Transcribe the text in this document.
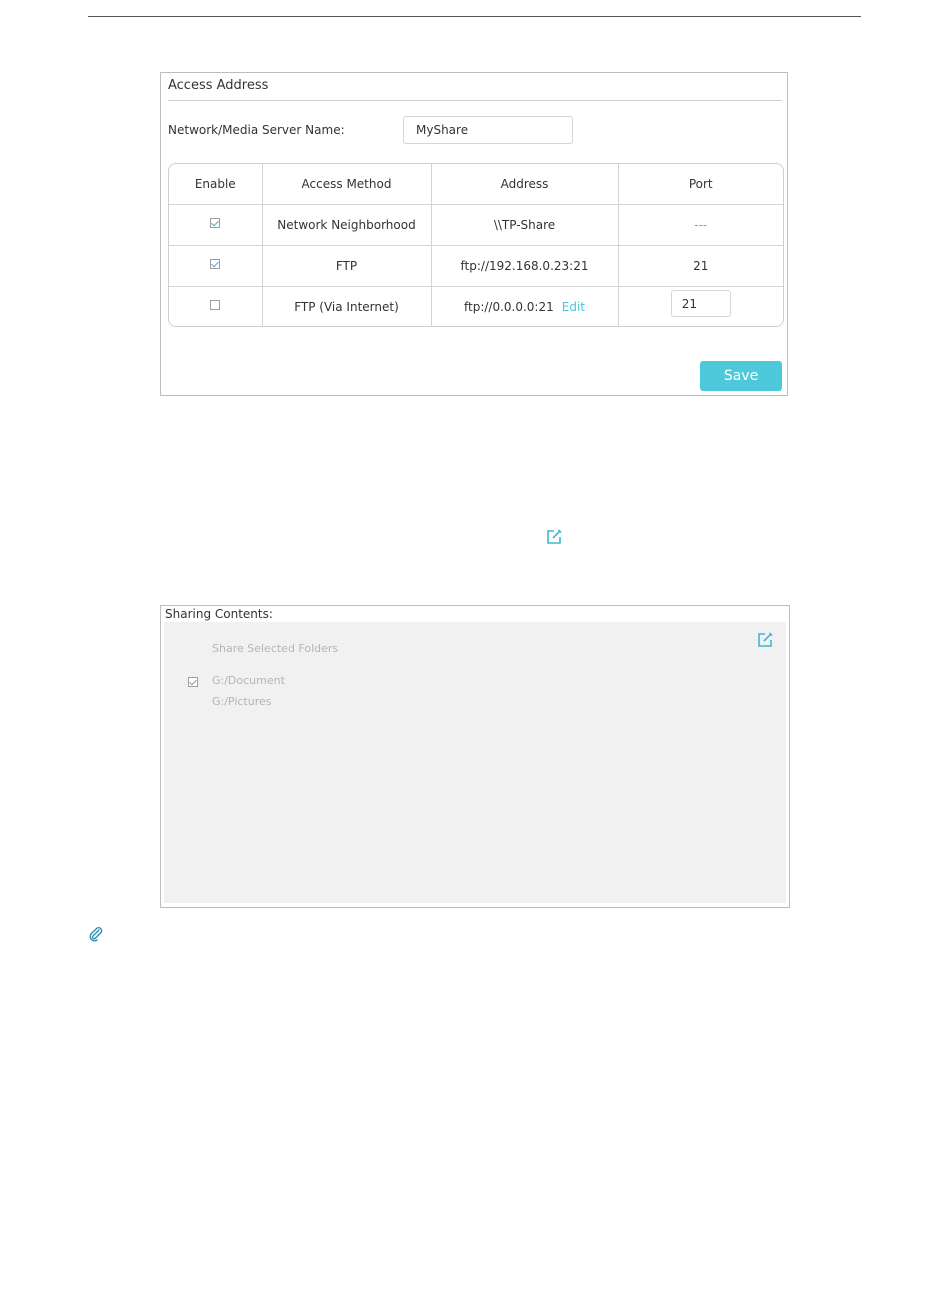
Access Address
Network/Media Server Name:
MyShare
Enable	Access Method	Address	Port
	Network Neighborhood	\\TP-Share	---
	FTP	ftp://192.168.0.23:21	21
	FTP (Via Internet)	ftp://0.0.0.0:21 Edit	21
Save
Sharing Contents:
Share Selected Folders
G:/Document
G:/Pictures
